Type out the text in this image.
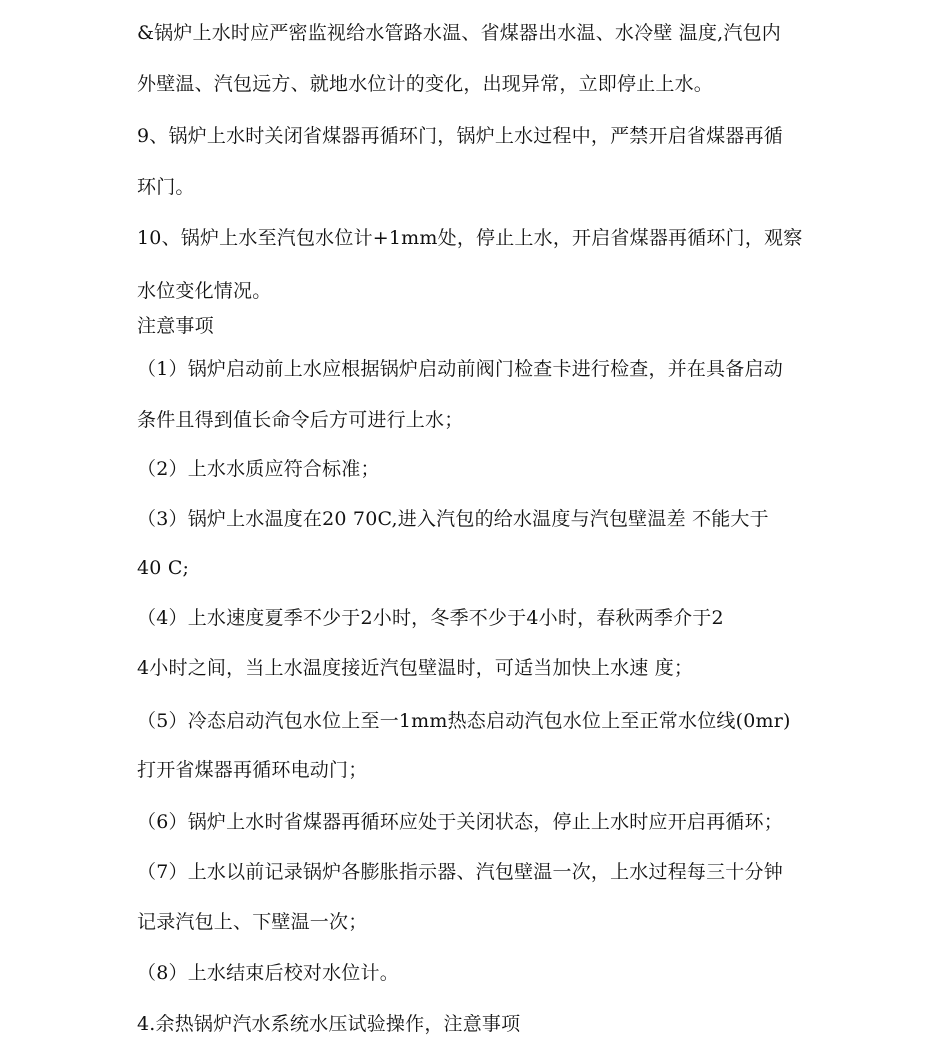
&锅炉上水时应严密监视给水管路水温、省煤器出水温、水冷壁 温度,汽包内
外壁温、汽包远方、就地水位计的变化，出现异常，立即停止上水。
9、锅炉上水时关闭省煤器再循环门，锅炉上水过程中，严禁开启省煤器再循
环门。
10、锅炉上水至汽包水位计+1mm处，停止上水，开启省煤器再循环门，观察
水位变化情况。
注意事项
（1）锅炉启动前上水应根据锅炉启动前阀门检查卡进行检查，并在具备启动
条件且得到值长命令后方可进行上水；
（2）上水水质应符合标准；
（3）锅炉上水温度在20 70C,进入汽包的给水温度与汽包壁温差 不能大于
40 C;
（4）上水速度夏季不少于2小时，冬季不少于4小时，春秋两季介于2
4小时之间，当上水温度接近汽包壁温时，可适当加快上水速 度；
（5）冷态启动汽包水位上至一1mm热态启动汽包水位上至正常水位线(0mr)
打开省煤器再循环电动门；
（6）锅炉上水时省煤器再循环应处于关闭状态，停止上水时应开启再循环；
（7）上水以前记录锅炉各膨胀指示器、汽包壁温一次，上水过程每三十分钟
记录汽包上、下壁温一次；
（8）上水结束后校对水位计。
4.余热锅炉汽水系统水压试验操作，注意事项
